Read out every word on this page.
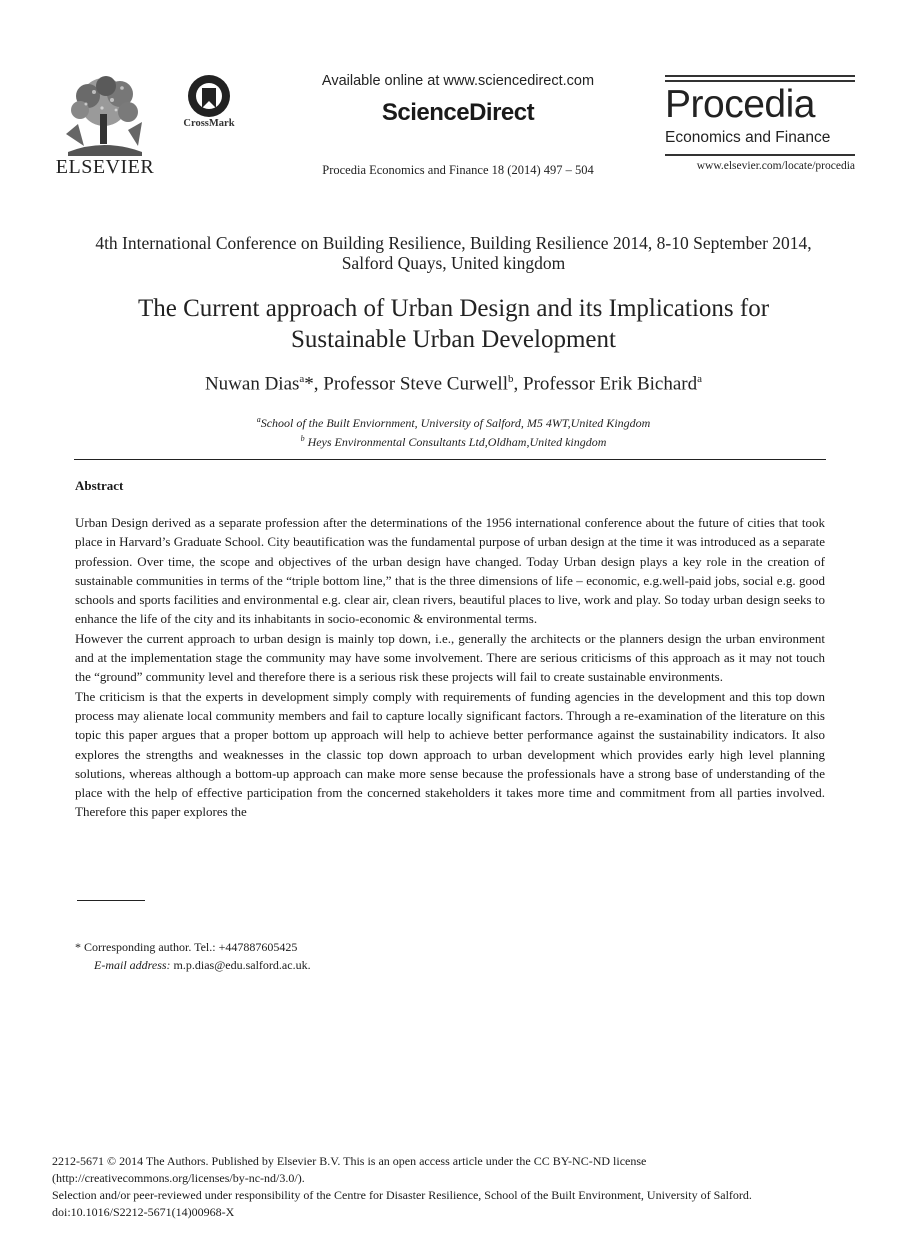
ELSEVIER
CrossMark
Available online at www.sciencedirect.com
ScienceDirect
Procedia Economics and Finance 18 (2014) 497 – 504
Procedia
Economics and Finance
www.elsevier.com/locate/procedia
4th International Conference on Building Resilience, Building Resilience 2014, 8-10 September 2014, Salford Quays, United kingdom
The Current approach of Urban Design and its Implications for
Sustainable Urban Development
Nuwan Dias$^a$*, Professor Steve Curwell$^b$, Professor Erik Bichard$^a$
$^a$School of the Built Enviornment, University of Salford, M5 4WT,United Kingdom
$^b$ Heys Environmental Consultants Ltd,Oldham,United kingdom
Abstract

Urban Design derived as a separate profession after the determinations of the 1956 international conference about the future of cities that took place in Harvard’s Graduate School. City beautification was the fundamental purpose of urban design at the time it was introduced as a separate profession. Over time, the scope and objectives of the urban design have changed. Today Urban design plays a key role in the creation of sustainable communities in terms of the “triple bottom line,” that is the three dimensions of life – economic, e.g.well-paid jobs, social e.g. good schools and sports facilities and environmental e.g. clear air, clean rivers, beautiful places to live, work and play. So today urban design seeks to enhance the life of the city and its inhabitants in socio-economic & environmental terms.

However the current approach to urban design is mainly top down, i.e., generally the architects or the planners design the urban environment and at the implementation stage the community may have some involvement. There are serious criticisms of this approach as it may not touch the “ground” community level and therefore there is a serious risk these projects will fail to create sustainable environments.

The criticism is that the experts in development simply comply with requirements of funding agencies in the development and this top down process may alienate local community members and fail to capture locally significant factors. Through a re-examination of the literature on this topic this paper argues that a proper bottom up approach will help to achieve better performance against the sustainability indicators. It also explores the strengths and weaknesses in the classic top down approach to urban development which provides early high level planning solutions, whereas although a bottom-up approach can make more sense because the professionals have a strong base of understanding of the place with the help of effective participation from the concerned stakeholders it takes more time and commitment from all parties involved. Therefore this paper explores the

* Corresponding author. Tel.: +447887605425
E-mail address: m.p.dias@edu.salford.ac.uk.
2212-5671 © 2014 The Authors. Published by Elsevier B.V. This is an open access article under the CC BY-NC-ND license
(http://creativecommons.org/licenses/by-nc-nd/3.0/).
Selection and/or peer-reviewed under responsibility of the Centre for Disaster Resilience, School of the Built Environment, University of Salford.
doi:10.1016/S2212-5671(14)00968-X
